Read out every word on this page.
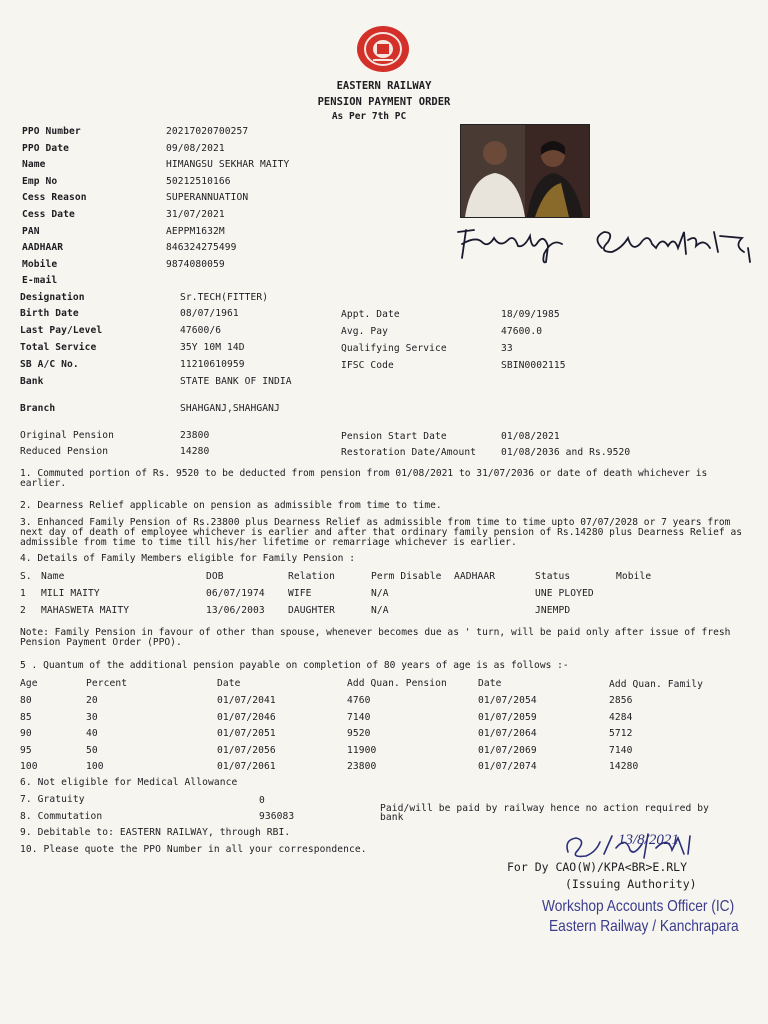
EASTERN RAILWAY
PENSION PAYMENT ORDER
As Per 7th PC
PPO Number	20217020700257
PPO Date	09/08/2021
Name	HIMANGSU SEKHAR MAITY
Emp No	50212510166
Cess Reason	SUPERANNUATION
Cess Date	31/07/2021
PAN	AEPPM1632M
AADHAAR	846324275499
Mobile	9874080059
E-mail
Himangsu Sekhar Maity
Designation	Sr.TECH(FITTER)
Birth Date	08/07/1961	Appt. Date	18/09/1985
Last Pay/Level	47600/6	Avg. Pay	47600.0
Total Service	35Y 10M 14D	Qualifying Service	33
SB A/C No.	11210610959	IFSC Code	SBIN0002115
Bank	STATE BANK OF INDIA
Branch	SHAHGANJ,SHAHGANJ
Original Pension	23800	Pension Start Date	01/08/2021
Reduced Pension	14280	Restoration Date/Amount	01/08/2036 and Rs.9520
1. Commuted portion of Rs. 9520 to be deducted from pension from 01/08/2021 to 31/07/2036 or date of death whichever is earlier.
2. Dearness Relief applicable on pension as admissible from time to time.
3. Enhanced Family Pension of Rs.23800 plus Dearness Relief as admissible from time to time upto 07/07/2028 or 7 years from next day of death of employee whichever is earlier and after that ordinary family pension of Rs.14280 plus Dearness Relief as admissible from time to time till his/her lifetime or remarriage whichever is earlier.
4. Details of Family Members eligible for Family Pension :
S. Name	DOB	Relation	Perm Disable AADHAAR	Status	Mobile
1 MILI MAITY	06/07/1974 WIFE	N/A	UNE PLOYED
2 MAHASWETA MAITY	13/06/2003 DAUGHTER	N/A	JNEMPD
Note: Family Pension in favour of other than spouse, whenever becomes due as ' turn, will be paid only after issue of fresh Pension Payment Order (PPO).
5 . Quantum of the additional pension payable on completion of 80 years of age is as follows :-
Age	Percent	Date	Add Quan. Pension	Date	Add Quan. Family
80	20	01/07/2041	4760	01/07/2054	2856
85	30	01/07/2046	7140	01/07/2059	4284
90	40	01/07/2051	9520	01/07/2064	5712
95	50	01/07/2056	11900	01/07/2069	7140
100	100	01/07/2061	23800	01/07/2074	14280
6. Not eligible for Medical Allowance
7. Gratuity	0
8. Commutation	936083
Paid/will be paid by railway hence no action required by bank
9. Debitable to: EASTERN RAILWAY, through RBI.
10. Please quote the PPO Number in all your correspondence.
13/8/2021
For Dy CAO(W)/KPA<BR>E.RLY
(Issuing Authority)
Workshop Accounts Officer (IC)
Eastern Railway / Kanchrapara
